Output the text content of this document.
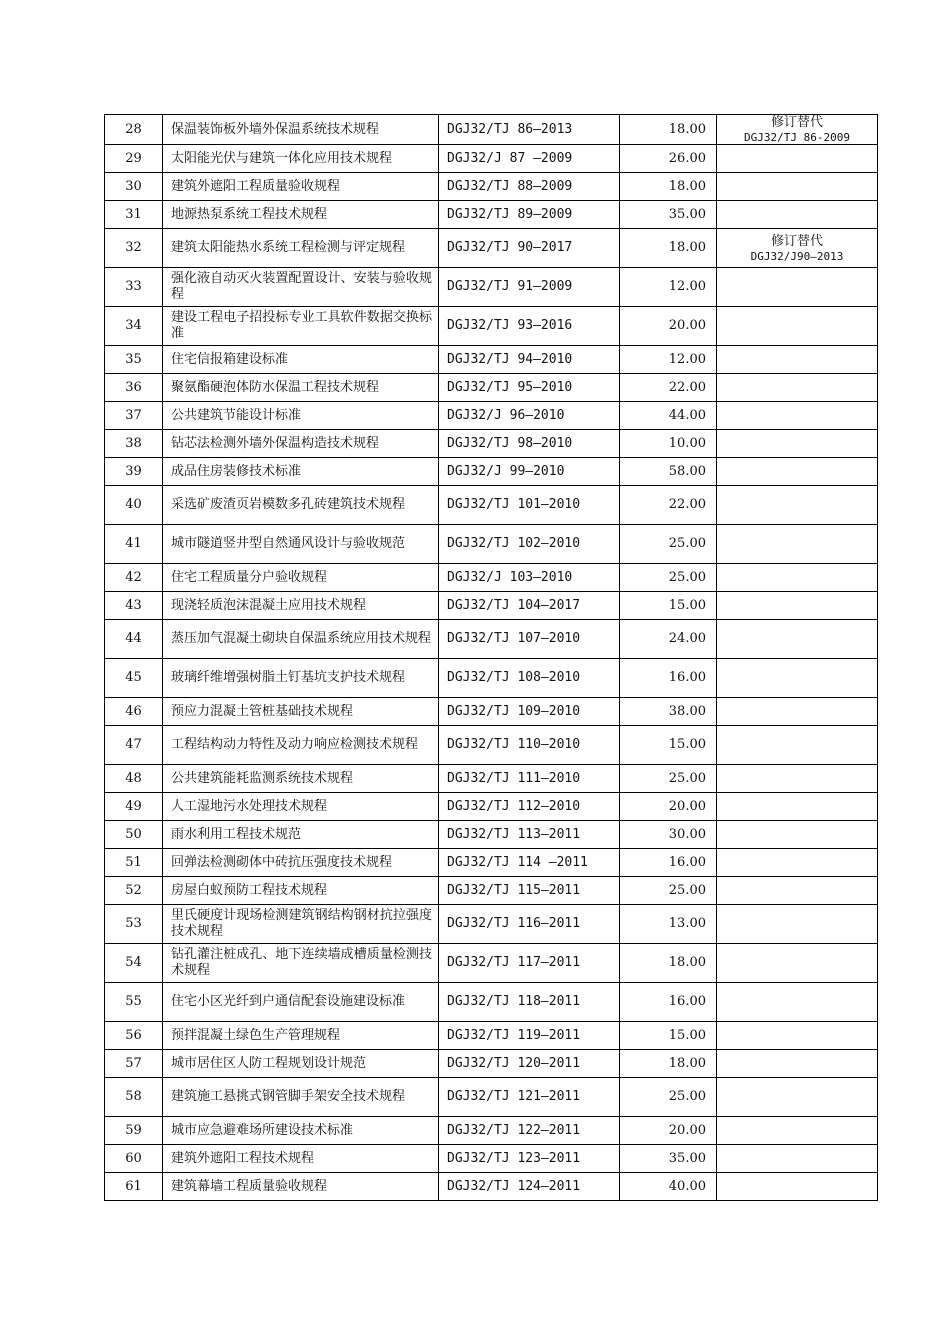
28	保温装饰板外墙外保温系统技术规程	DGJ32/TJ 86—2013	18.00	修订替代
DGJ32/TJ 86-2009

29	太阳能光伏与建筑一体化应用技术规程	DGJ32/J 87 —2009	26.00	

30	建筑外遮阳工程质量验收规程	DGJ32/TJ 88—2009	18.00	

31	地源热泵系统工程技术规程	DGJ32/TJ 89—2009	35.00	

32	建筑太阳能热水系统工程检测与评定规程	DGJ32/TJ 90—2017	18.00	修订替代
DGJ32/J90—2013

33	强化液自动灭火装置配置设计、安装与验收规程	DGJ32/TJ 91—2009	12.00	

34	建设工程电子招投标专业工具软件数据交换标准	DGJ32/TJ 93—2016	20.00	

35	住宅信报箱建设标准	DGJ32/TJ 94—2010	12.00	

36	聚氨酯硬泡体防水保温工程技术规程	DGJ32/TJ 95—2010	22.00	

37	公共建筑节能设计标准	DGJ32/J 96—2010	44.00	

38	钻芯法检测外墙外保温构造技术规程	DGJ32/TJ 98—2010	10.00	

39	成品住房装修技术标准	DGJ32/J 99—2010	58.00	

40	采选矿废渣页岩模数多孔砖建筑技术规程	DGJ32/TJ 101—2010	22.00	

41	城市隧道竖井型自然通风设计与验收规范	DGJ32/TJ 102—2010	25.00	

42	住宅工程质量分户验收规程	DGJ32/J 103—2010	25.00	

43	现浇轻质泡沫混凝土应用技术规程	DGJ32/TJ 104—2017	15.00	

44	蒸压加气混凝土砌块自保温系统应用技术规程	DGJ32/TJ 107—2010	24.00	

45	玻璃纤维增强树脂土钉基坑支护技术规程	DGJ32/TJ 108—2010	16.00	

46	预应力混凝土管桩基础技术规程	DGJ32/TJ 109—2010	38.00	

47	工程结构动力特性及动力响应检测技术规程	DGJ32/TJ 110—2010	15.00	

48	公共建筑能耗监测系统技术规程	DGJ32/TJ 111—2010	25.00	

49	人工湿地污水处理技术规程	DGJ32/TJ 112—2010	20.00	

50	雨水利用工程技术规范	DGJ32/TJ 113—2011	30.00	

51	回弹法检测砌体中砖抗压强度技术规程	DGJ32/TJ 114 —2011	16.00	

52	房屋白蚁预防工程技术规程	DGJ32/TJ 115—2011	25.00	

53	里氏硬度计现场检测建筑钢结构钢材抗拉强度技术规程	DGJ32/TJ 116—2011	13.00	

54	钻孔灌注桩成孔、地下连续墙成槽质量检测技术规程	DGJ32/TJ 117—2011	18.00	

55	住宅小区光纤到户通信配套设施建设标准	DGJ32/TJ 118—2011	16.00	

56	预拌混凝土绿色生产管理规程	DGJ32/TJ 119—2011	15.00	

57	城市居住区人防工程规划设计规范	DGJ32/TJ 120—2011	18.00	

58	建筑施工悬挑式钢管脚手架安全技术规程	DGJ32/TJ 121—2011	25.00	

59	城市应急避难场所建设技术标准	DGJ32/TJ 122—2011	20.00	

60	建筑外遮阳工程技术规程	DGJ32/TJ 123—2011	35.00	

61	建筑幕墙工程质量验收规程	DGJ32/TJ 124—2011	40.00	
